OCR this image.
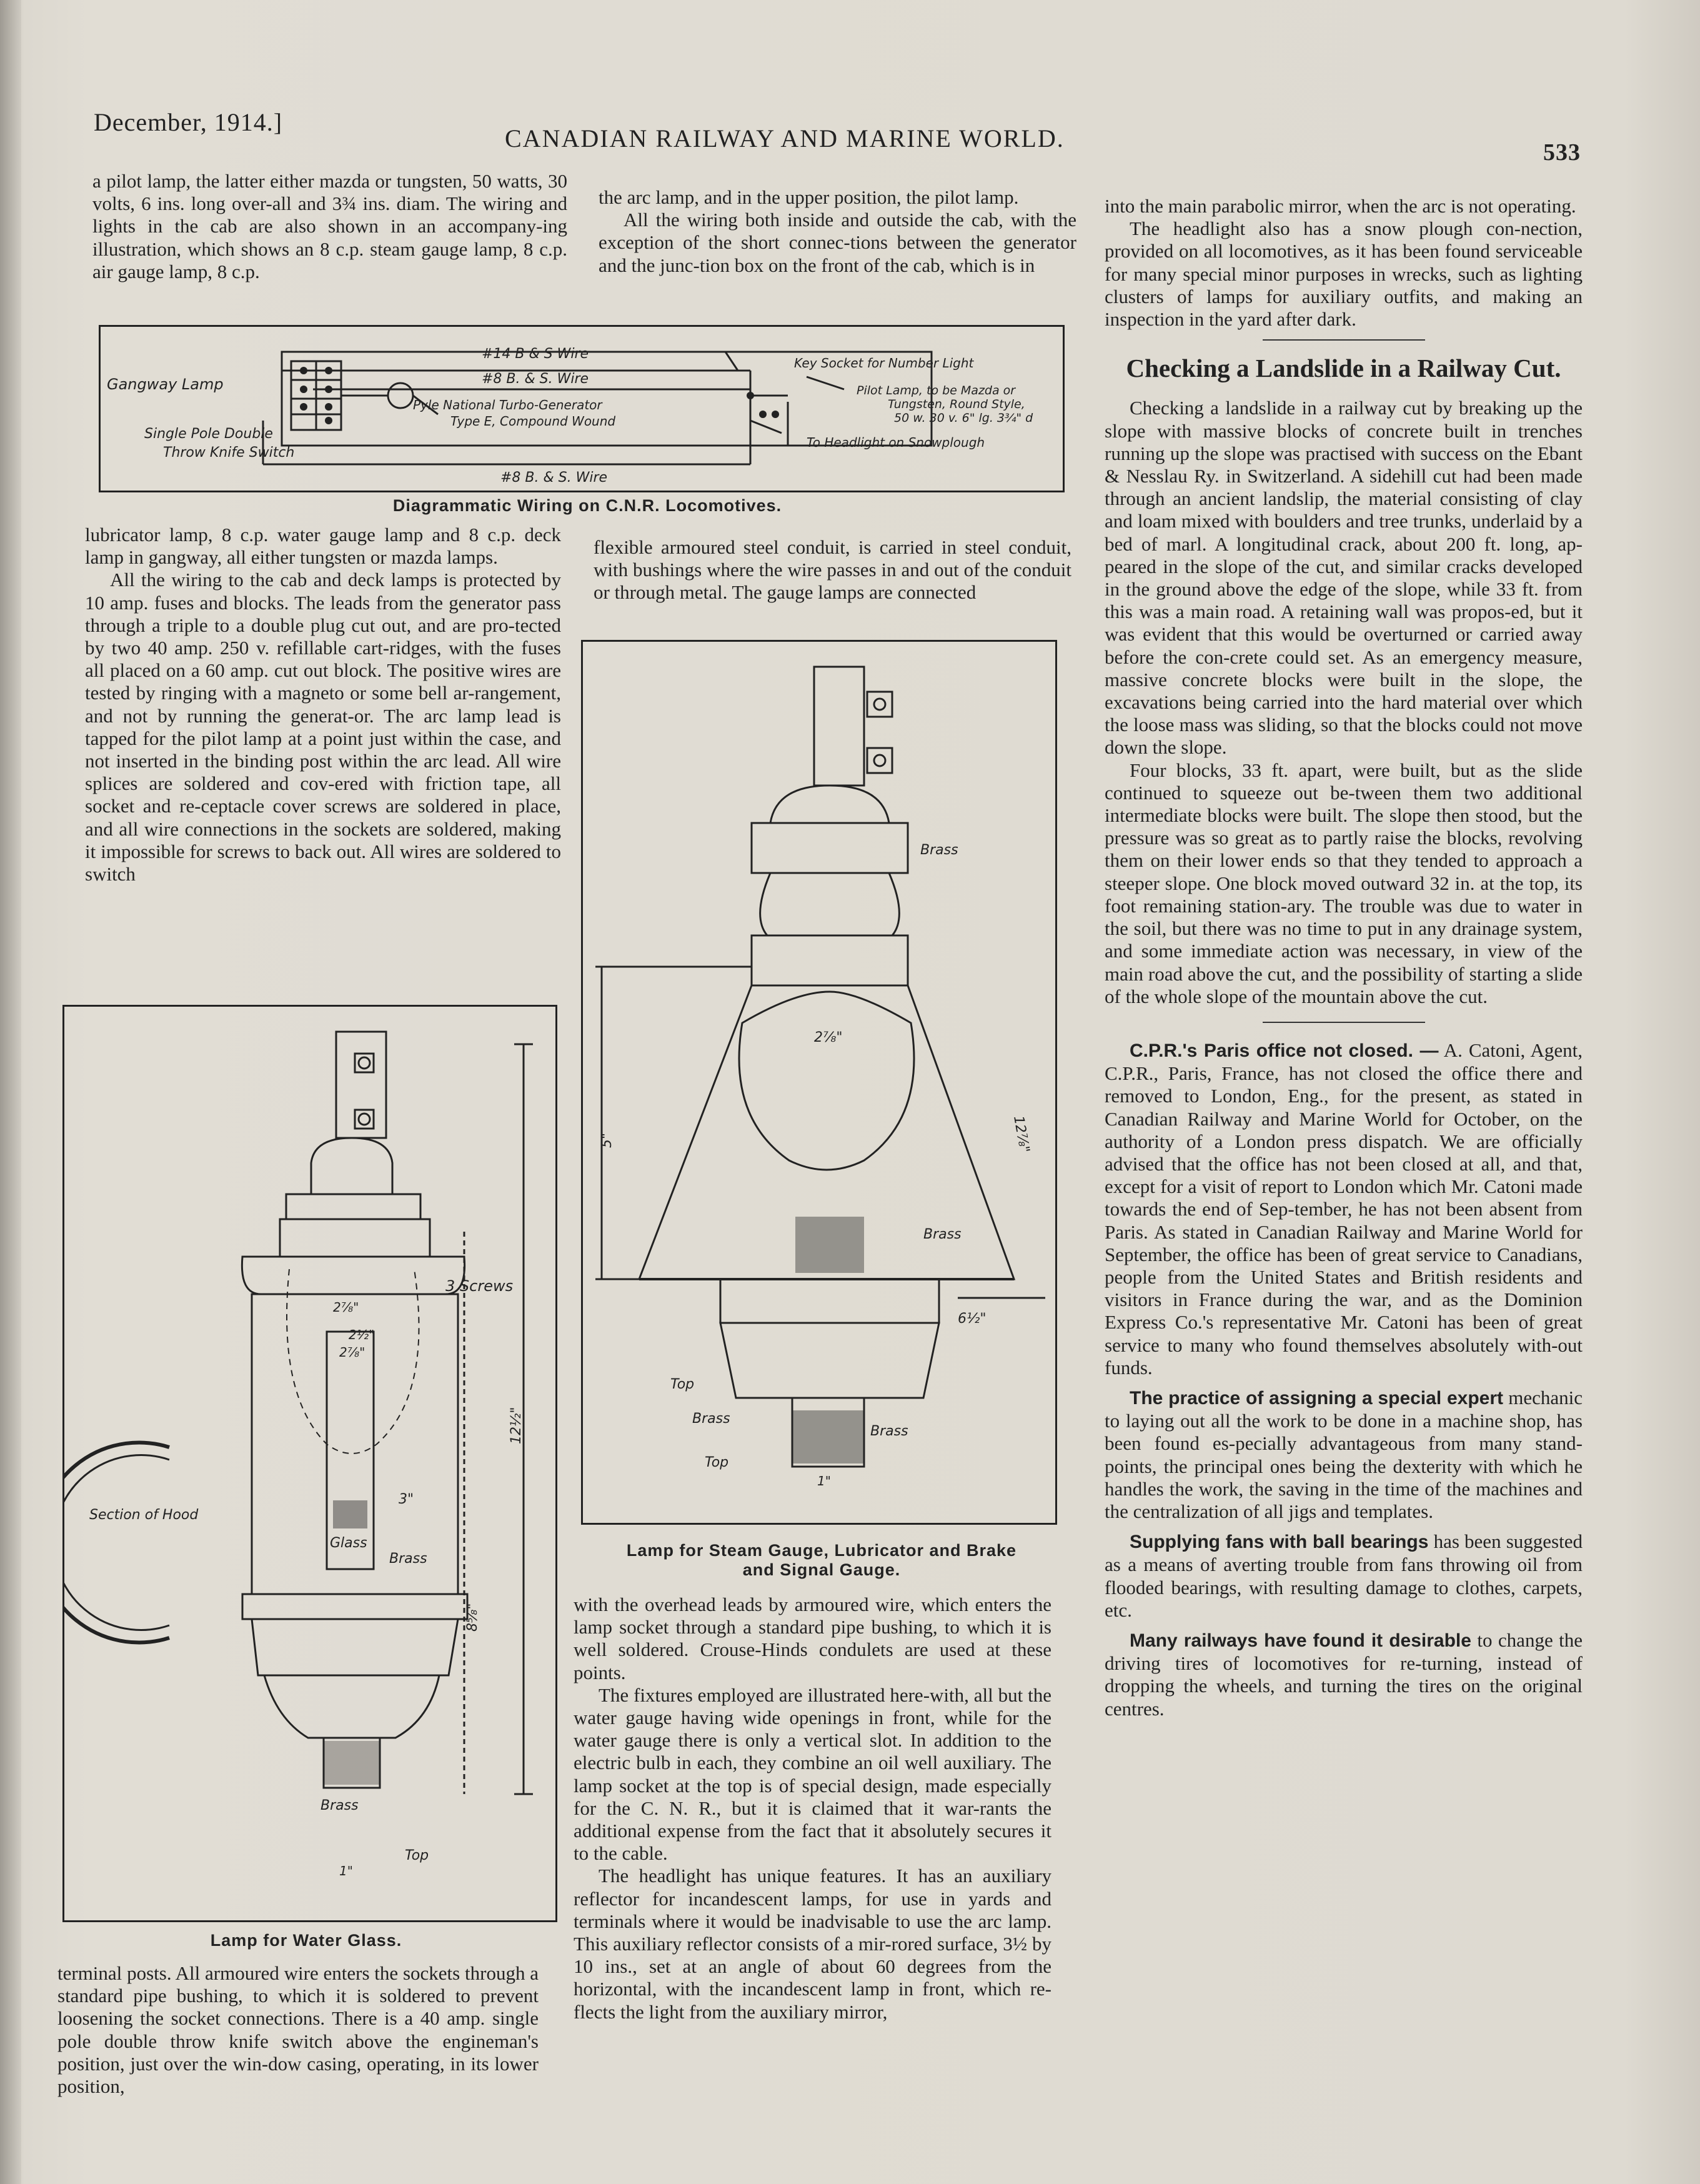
December, 1914.]
CANADIAN RAILWAY AND MARINE WORLD.	533

a pilot lamp, the latter either mazda or tungsten, 50 watts, 30 volts, 6 ins. long over-all and 3¾ ins. diam. The wiring and lights in the cab are also shown in an accompany-ing illustration, which shows an 8 c.p. steam gauge lamp, 8 c.p. air gauge lamp, 8 c.p.

the arc lamp, and in the upper position, the pilot lamp.

All the wiring both inside and outside the cab, with the exception of the short connec-tions between the generator and the junc-tion box on the front of the cab, which is in

into the main parabolic mirror, when the arc is not operating.

The headlight also has a snow plough con-nection, provided on all locomotives, as it has been found serviceable for many special minor purposes in wrecks, such as lighting clusters of lamps for auxiliary outfits, and making an inspection in the yard after dark.

Checking a Landslide in a Railway Cut.

Checking a landslide in a railway cut by breaking up the slope with massive blocks of concrete built in trenches running up the slope was practised with success on the Ebant & Nesslau Ry. in Switzerland. A sidehill cut had been made through an ancient landslip, the material consisting of clay and loam mixed with boulders and tree trunks, underlaid by a bed of marl. A longitudinal crack, about 200 ft. long, ap-peared in the slope of the cut, and similar cracks developed in the ground above the edge of the slope, while 33 ft. from this was a main road. A retaining wall was propos-ed, but it was evident that this would be overturned or carried away before the con-crete could set. As an emergency measure, massive concrete blocks were built in the slope, the excavations being carried into the hard material over which the loose mass was sliding, so that the blocks could not move down the slope.

Four blocks, 33 ft. apart, were built, but as the slide continued to squeeze out be-tween them two additional intermediate blocks were built. The slope then stood, but the pressure was so great as to partly raise the blocks, revolving them on their lower ends so that they tended to approach a steeper slope. One block moved outward 32 in. at the top, its foot remaining station-ary. The trouble was due to water in the soil, but there was no time to put in any drainage system, and some immediate action was necessary, in view of the main road above the cut, and the possibility of starting a slide of the whole slope of the mountain above the cut.

C.P.R.'s Paris office not closed. — A. Catoni, Agent, C.P.R., Paris, France, has not closed the office there and removed to London, Eng., for the present, as stated in Canadian Railway and Marine World for October, on the authority of a London press dispatch. We are officially advised that the office has not been closed at all, and that, except for a visit of report to London which Mr. Catoni made towards the end of Sep-tember, he has not been absent from Paris. As stated in Canadian Railway and Marine World for September, the office has been of great service to Canadians, people from the United States and British residents and visitors in France during the war, and as the Dominion Express Co.'s representative Mr. Catoni has been of great service to many who found themselves absolutely with-out funds.

The practice of assigning a special expert mechanic to laying out all the work to be done in a machine shop, has been found es-pecially advantageous from many stand-points, the principal ones being the dexterity with which he handles the work, the saving in the time of the machines and the centralization of all jigs and templates.

Supplying fans with ball bearings has been suggested as a means of averting trouble from fans throwing oil from flooded bearings, with resulting damage to clothes, carpets, etc.

Many railways have found it desirable to change the driving tires of locomotives for re-turning, instead of dropping the wheels, and turning the tires on the original centres.

Gangway Lamp
Single Pole Double
Throw Knife Switch
#14 B & S Wire
#8 B. & S. Wire
#8 B. & S. Wire
Pyle National Turbo-Generator
Type E, Compound Wound
Key Socket for Number Light
Pilot Lamp, to be Mazda or
Tungsten, Round Style,
50 w. 30 v. 6" lg. 3¾" d
To Headlight on Snowplough
Diagrammatic Wiring on C.N.R. Locomotives.

lubricator lamp, 8 c.p. water gauge lamp and 8 c.p. deck lamp in gangway, all either tungsten or mazda lamps.

All the wiring to the cab and deck lamps is protected by 10 amp. fuses and blocks. The leads from the generator pass through a triple to a double plug cut out, and are pro-tected by two 40 amp. 250 v. refillable cart-ridges, with the fuses all placed on a 60 amp. cut out block. The positive wires are tested by ringing with a magneto or some bell ar-rangement, and not by running the generat-or. The arc lamp lead is tapped for the pilot lamp at a point just within the case, and not inserted in the binding post within the arc lead. All wire splices are soldered and cov-ered with friction tape, all socket and re-ceptacle cover screws are soldered in place, and all wire connections in the sockets are soldered, making it impossible for screws to back out. All wires are soldered to switch

flexible armoured steel conduit, is carried in steel conduit, with bushings where the wire passes in and out of the conduit or through metal. The gauge lamps are connected

3 Screws
Section of Hood
Glass
Brass
Brass
Top
3"
12½"
8⅝"
2⅞"
2½"
2⅞"
1"
Lamp for Water Glass.
Brass
Brass
Brass
Brass
Top
Top
5"	12⅞"
2⅞"
6½"
1"
Lamp for Steam Gauge, Lubricator and Brake
and Signal Gauge.

with the overhead leads by armoured wire, which enters the lamp socket through a standard pipe bushing, to which it is well soldered. Crouse-Hinds condulets are used at these points.

The fixtures employed are illustrated here-with, all but the water gauge having wide openings in front, while for the water gauge there is only a vertical slot. In addition to the electric bulb in each, they combine an oil well auxiliary. The lamp socket at the top is of special design, made especially for the C. N. R., but it is claimed that it war-rants the additional expense from the fact that it absolutely secures it to the cable.

The headlight has unique features. It has an auxiliary reflector for incandescent lamps, for use in yards and terminals where it would be inadvisable to use the arc lamp. This auxiliary reflector consists of a mir-rored surface, 3½ by 10 ins., set at an angle of about 60 degrees from the horizontal, with the incandescent lamp in front, which re-flects the light from the auxiliary mirror,

terminal posts. All armoured wire enters the sockets through a standard pipe bushing, to which it is soldered to prevent loosening the socket connections. There is a 40 amp. single pole double throw knife switch above the engineman's position, just over the win-dow casing, operating, in its lower position,
